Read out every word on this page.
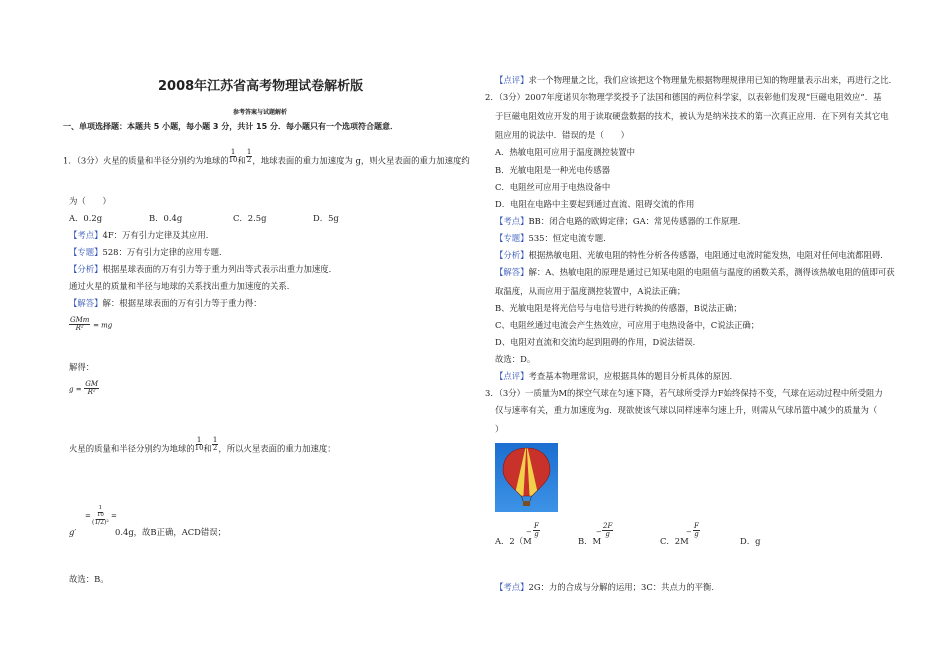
2008年江苏省高考物理试卷解析版
参考答案与试题解析
一、单项选择题：本题共 5 小题，每小题 3 分，共计 15 分．每小题只有一个选项符合题意．
1．（3分）火星的质量和半径分别约为地球的 $\frac{1}{10}$ 和 $\frac{1}{2}$ ，地球表面的重力加速度为 g，则火星表面的重力加速度约
为（　　）
A．0.2g	B．0.4g	C．2.5g	D．5g
【考点】4F：万有引力定律及其应用．
【专题】528：万有引力定律的应用专题．
【分析】根据星球表面的万有引力等于重力列出等式表示出重力加速度．
通过火星的质量和半径与地球的关系找出重力加速度的关系．
【解答】解：根据星球表面的万有引力等于重力得：
$\frac{\text{GMm}}{\text{R²}}$ = mg
解得：
$g = \frac{GM}{\text{R²}}$
火星的质量和半径分别约为地球的 $\frac{1}{10}$ 和 $\frac{1}{2}$ ，所以火星表面的重力加速度：
g′
= $\frac{\frac{1}{10}}{\text{(1/2)²}}$ =
0.4g，故B正确，ACD错误；
故选：B。
【点评】求一个物理量之比，我们应该把这个物理量先根据物理规律用已知的物理量表示出来，再进行之比．
2．（3分）2007年度诺贝尔物理学奖授予了法国和德国的两位科学家，以表彰他们发现“巨磁电阻效应”．基
于巨磁电阻效应开发的用于读取硬盘数据的技术，被认为是纳米技术的第一次真正应用．在下列有关其它电
阻应用的说法中．错误的是（　　）
A．热敏电阻可应用于温度测控装置中
B．光敏电阻是一种光电传感器
C．电阻丝可应用于电热设备中
D．电阻在电路中主要起到通过直流、阻碍交流的作用
【考点】BB：闭合电路的欧姆定律；GA：常见传感器的工作原理．
【专题】535：恒定电流专题．
【分析】根据热敏电阻、光敏电阻的特性分析各传感器，电阻通过电流时能发热，电阻对任何电流都阻碍．
【解答】解：A、热敏电阻的原理是通过已知某电阻的电阻值与温度的函数关系，测得该热敏电阻的值即可获
取温度，从而应用于温度测控装置中，A说法正确；
B、光敏电阻是将光信号与电信号进行转换的传感器，B说法正确；
C、电阻丝通过电流会产生热效应，可应用于电热设备中，C说法正确；
D、电阻对直流和交流均起到阻碍的作用，D说法错误．
故选：D。
【点评】考查基本物理常识，应根据具体的题目分析具体的原因．
3．（3分）一质量为M的探空气球在匀速下降，若气球所受浮力F始终保持不变，气球在运动过程中所受阻力
仅与速率有关，重力加速度为g．现欲使该气球以同样速率匀速上升，则需从气球吊篮中减少的质量为（
）
A．2（M
$\frac{F}{g}$
−
B．M
$\frac{2F}{g}$
−
C．2M
$\frac{F}{g}$
−
D．g
【考点】2G：力的合成与分解的运用；3C：共点力的平衡．
